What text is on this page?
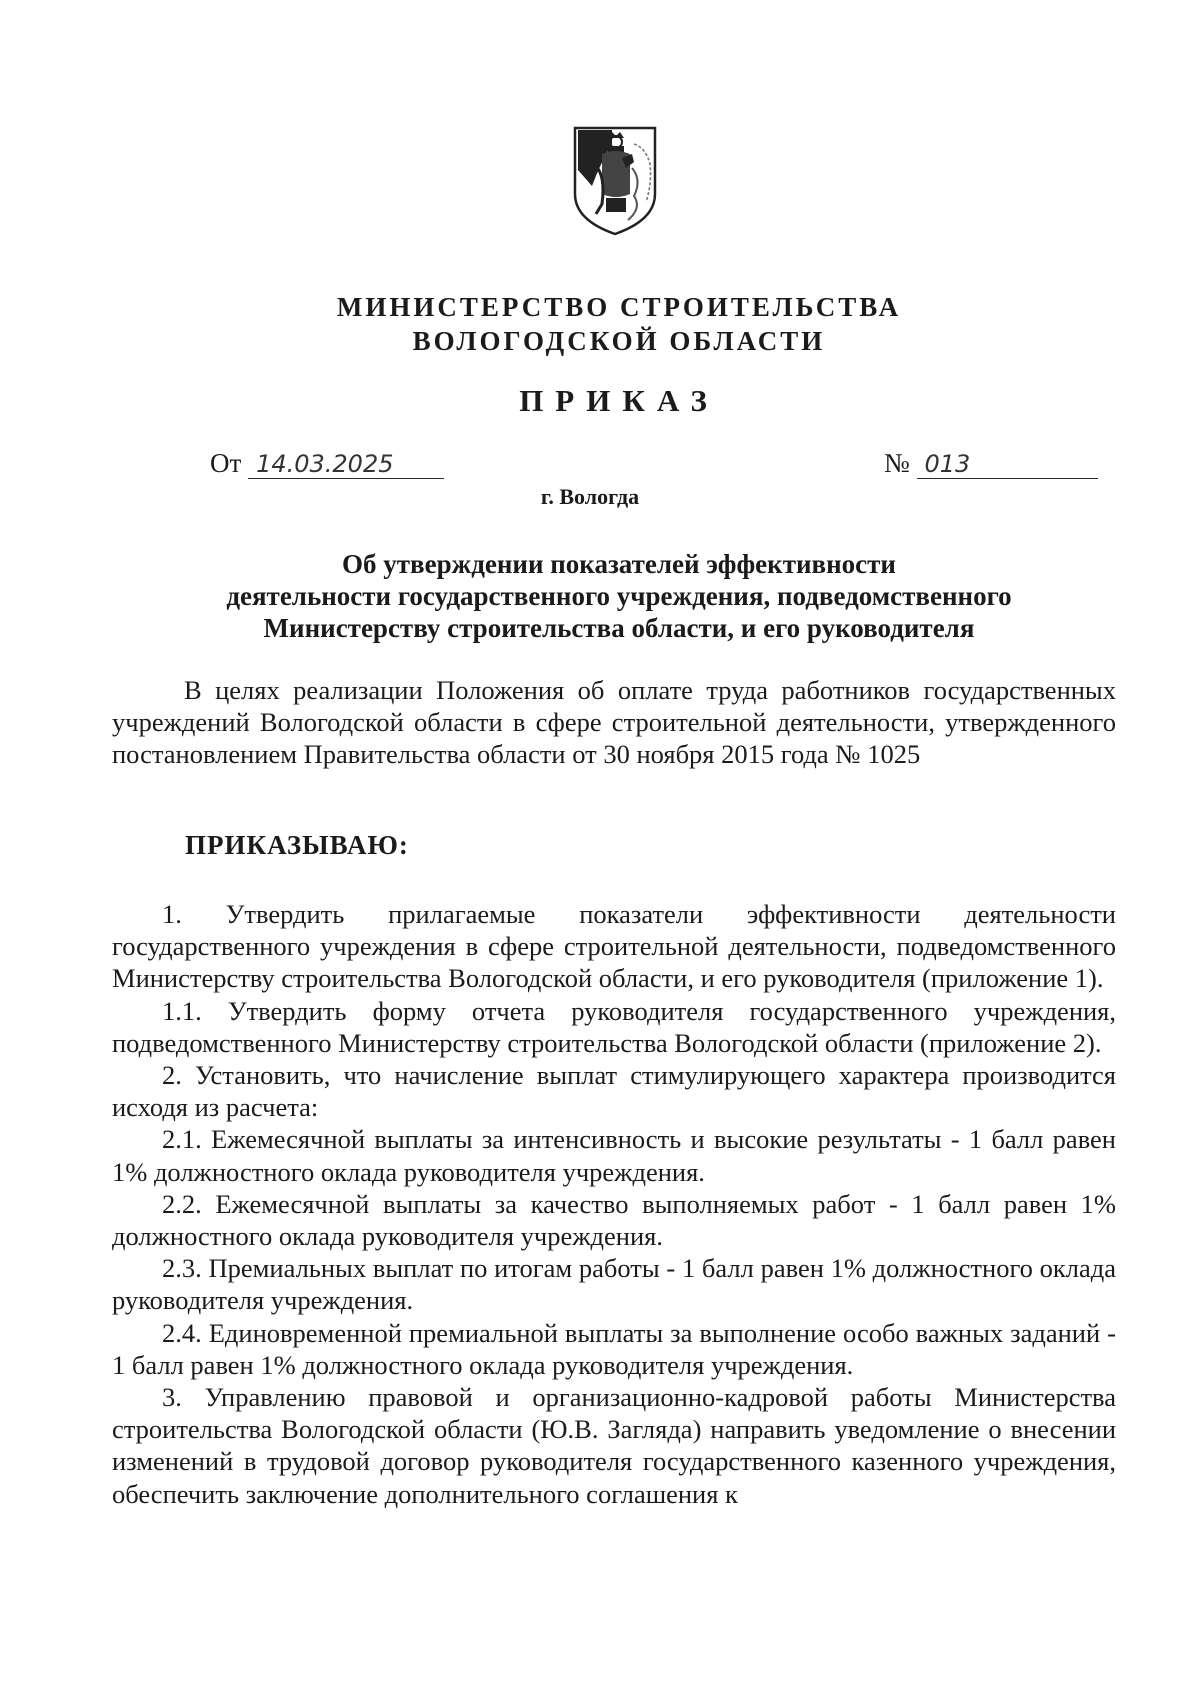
МИНИСТЕРСТВО СТРОИТЕЛЬСТВА
ВОЛОГОДСКОЙ ОБЛАСТИ
ПРИКАЗ
От 14.03.2025	№ 013
г. Вологда
Об утверждении показателей эффективности
деятельности государственного учреждения, подведомственного
Министерству строительства области, и его руководителя
В целях реализации Положения об оплате труда работников государственных учреждений Вологодской области в сфере строительной деятельности, утвержденного постановлением Правительства области от 30 ноября 2015 года № 1025
ПРИКАЗЫВАЮ:

1. Утвердить прилагаемые показатели эффективности деятельности государственного учреждения в сфере строительной деятельности, подведомственного Министерству строительства Вологодской области, и его руководителя (приложение 1).

1.1. Утвердить форму отчета руководителя государственного учреждения, подведомственного Министерству строительства Вологодской области (приложение 2).

2. Установить, что начисление выплат стимулирующего характера производится исходя из расчета:

2.1. Ежемесячной выплаты за интенсивность и высокие результаты - 1 балл равен 1% должностного оклада руководителя учреждения.

2.2. Ежемесячной выплаты за качество выполняемых работ - 1 балл равен 1% должностного оклада руководителя учреждения.

2.3. Премиальных выплат по итогам работы - 1 балл равен 1% должностного оклада руководителя учреждения.

2.4. Единовременной премиальной выплаты за выполнение особо важных заданий - 1 балл равен 1% должностного оклада руководителя учреждения.

3. Управлению правовой и организационно-кадровой работы Министерства строительства Вологодской области (Ю.В. Загляда) направить уведомление о внесении изменений в трудовой договор руководителя государственного казенного учреждения, обеспечить заключение дополнительного соглашения к
